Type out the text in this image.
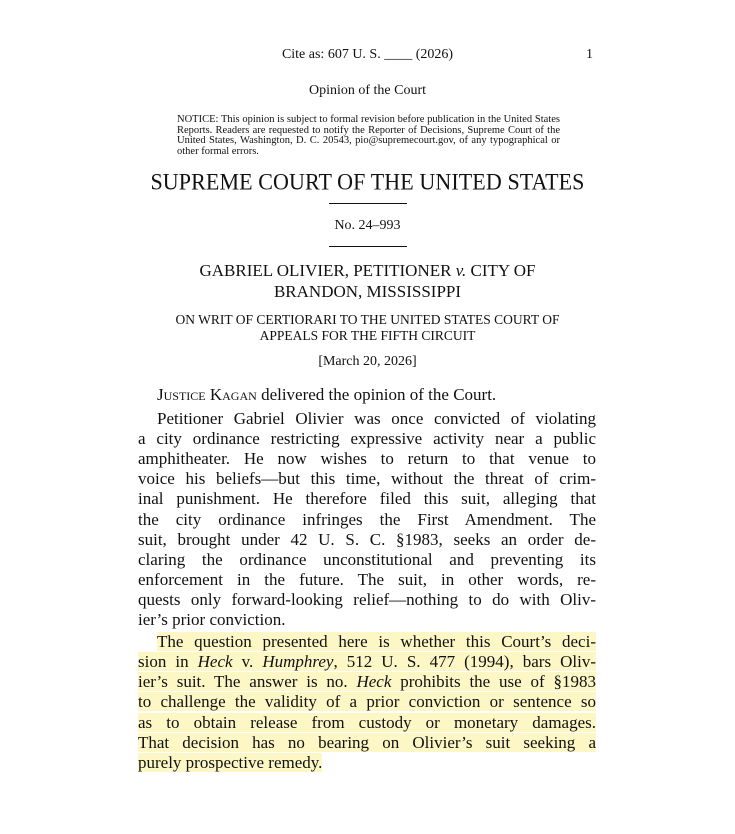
Cite as: 607 U. S. ____ (2026)	1
Opinion of the Court
NOTICE: This opinion is subject to formal revision before publication in the United States Reports. Readers are requested to notify the Reporter of Decisions, Supreme Court of the United States, Washington, D. C. 20543, pio@supremecourt.gov, of any typographical or other formal errors.
SUPREME COURT OF THE UNITED STATES
No. 24–993
GABRIEL OLIVIER, PETITIONER v. CITY OF
BRANDON, MISSISSIPPI
ON WRIT OF CERTIORARI TO THE UNITED STATES COURT OF
APPEALS FOR THE FIFTH CIRCUIT
[March 20, 2026]

Justice Kagan delivered the opinion of the Court.

Petitioner Gabriel Olivier was once convicted of violating
a city ordinance restricting expressive activity near a public
amphitheater. He now wishes to return to that venue to
voice his beliefs—but this time, without the threat of crim-
inal punishment. He therefore filed this suit, alleging that
the city ordinance infringes the First Amendment. The
suit, brought under 42 U. S. C. §1983, seeks an order de-
claring the ordinance unconstitutional and preventing its
enforcement in the future. The suit, in other words, re-
quests only forward-looking relief—nothing to do with Oliv-
ier’s prior conviction.
The question presented here is whether this Court’s deci-
sion in Heck v. Humphrey, 512 U. S. 477 (1994), bars Oliv-
ier’s suit. The answer is no. Heck prohibits the use of §1983
to challenge the validity of a prior conviction or sentence so
as to obtain release from custody or monetary damages.
That decision has no bearing on Olivier’s suit seeking a
purely prospective remedy.
